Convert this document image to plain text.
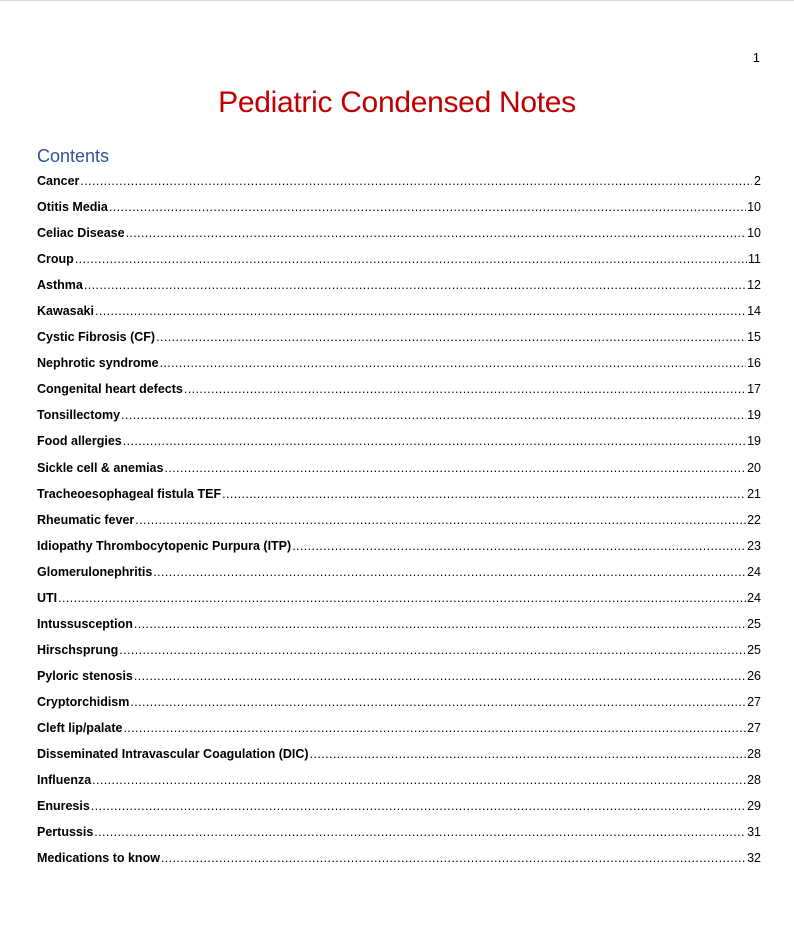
1
Pediatric Condensed Notes
Contents
Cancer .....	2
Otitis Media .....	10
Celiac Disease .....	10
Croup .....	11
Asthma .....	12
Kawasaki .....	14
Cystic Fibrosis (CF) .....	15
Nephrotic syndrome .....	16
Congenital heart defects .....	17
Tonsillectomy .....	19
Food allergies .....	19
Sickle cell & anemias .....	20
Tracheoesophageal fistula TEF .....	21
Rheumatic fever .....	22
Idiopathy Thrombocytopenic Purpura (ITP) .....	23
Glomerulonephritis .....	24
UTI .....	24
Intussusception .....	25
Hirschsprung .....	25
Pyloric stenosis .....	26
Cryptorchidism .....	27
Cleft lip/palate .....	27
Disseminated Intravascular Coagulation (DIC) .....	28
Influenza .....	28
Enuresis .....	29
Pertussis .....	31
Medications to know .....	32
